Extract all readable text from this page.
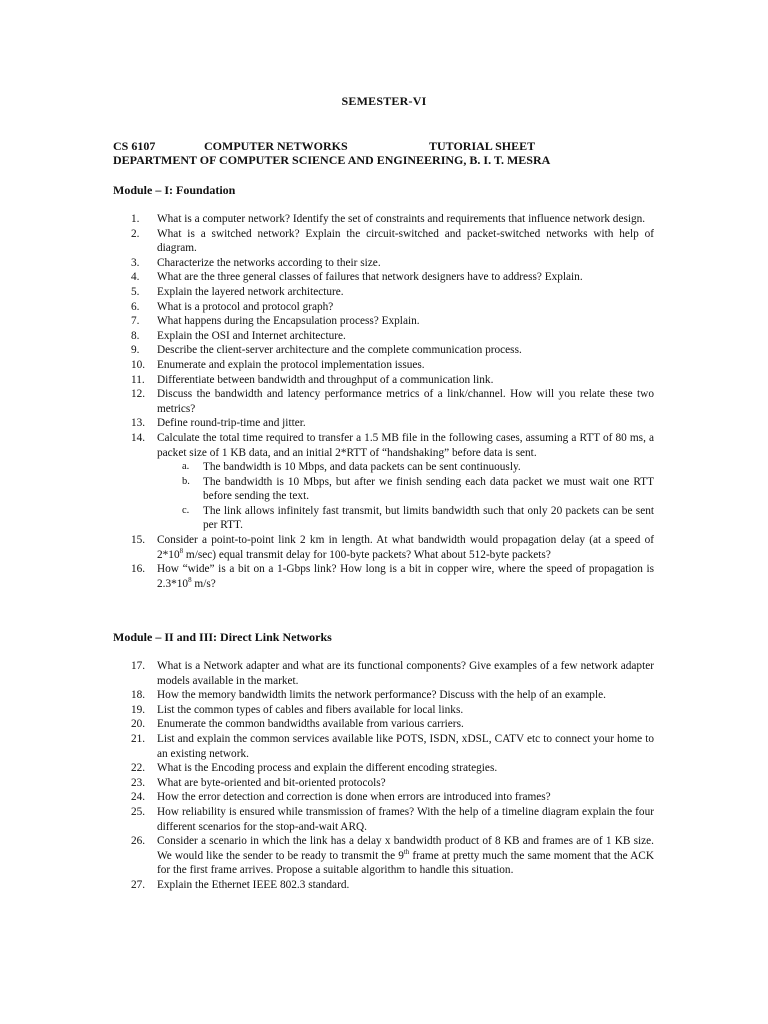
SEMESTER-VI
CS 6107	COMPUTER NETWORKS	TUTORIAL SHEET
DEPARTMENT OF COMPUTER SCIENCE AND ENGINEERING, B. I. T. MESRA
Module – I: Foundation
1. What is a computer network? Identify the set of constraints and requirements that influence network design.
2. What is a switched network? Explain the circuit-switched and packet-switched networks with help of diagram.
3. Characterize the networks according to their size.
4. What are the three general classes of failures that network designers have to address? Explain.
5. Explain the layered network architecture.
6. What is a protocol and protocol graph?
7. What happens during the Encapsulation process? Explain.
8. Explain the OSI and Internet architecture.
9. Describe the client-server architecture and the complete communication process.
10. Enumerate and explain the protocol implementation issues.
11. Differentiate between bandwidth and throughput of a communication link.
12. Discuss the bandwidth and latency performance metrics of a link/channel. How will you relate these two metrics?
13. Define round-trip-time and jitter.
14. Calculate the total time required to transfer a 1.5 MB file in the following cases, assuming a RTT of 80 ms, a packet size of 1 KB data, and an initial 2*RTT of “handshaking” before data is sent.
a. The bandwidth is 10 Mbps, and data packets can be sent continuously.
b. The bandwidth is 10 Mbps, but after we finish sending each data packet we must wait one RTT before sending the text.
c. The link allows infinitely fast transmit, but limits bandwidth such that only 20 packets can be sent per RTT.
15. Consider a point-to-point link 2 km in length. At what bandwidth would propagation delay (at a speed of $2*10^8$ m/sec) equal transmit delay for 100-byte packets? What about 512-byte packets?
16. How “wide” is a bit on a 1-Gbps link? How long is a bit in copper wire, where the speed of propagation is $2.3*10^8$ m/s?
Module – II and III: Direct Link Networks
17. What is a Network adapter and what are its functional components? Give examples of a few network adapter models available in the market.
18. How the memory bandwidth limits the network performance? Discuss with the help of an example.
19. List the common types of cables and fibers available for local links.
20. Enumerate the common bandwidths available from various carriers.
21. List and explain the common services available like POTS, ISDN, xDSL, CATV etc to connect your home to an existing network.
22. What is the Encoding process and explain the different encoding strategies.
23. What are byte-oriented and bit-oriented protocols?
24. How the error detection and correction is done when errors are introduced into frames?
25. How reliability is ensured while transmission of frames? With the help of a timeline diagram explain the four different scenarios for the stop-and-wait ARQ.
26. Consider a scenario in which the link has a delay x bandwidth product of 8 KB and frames are of 1 KB size. We would like the sender to be ready to transmit the 9th frame at pretty much the same moment that the ACK for the first frame arrives. Propose a suitable algorithm to handle this situation.
27. Explain the Ethernet IEEE 802.3 standard.
